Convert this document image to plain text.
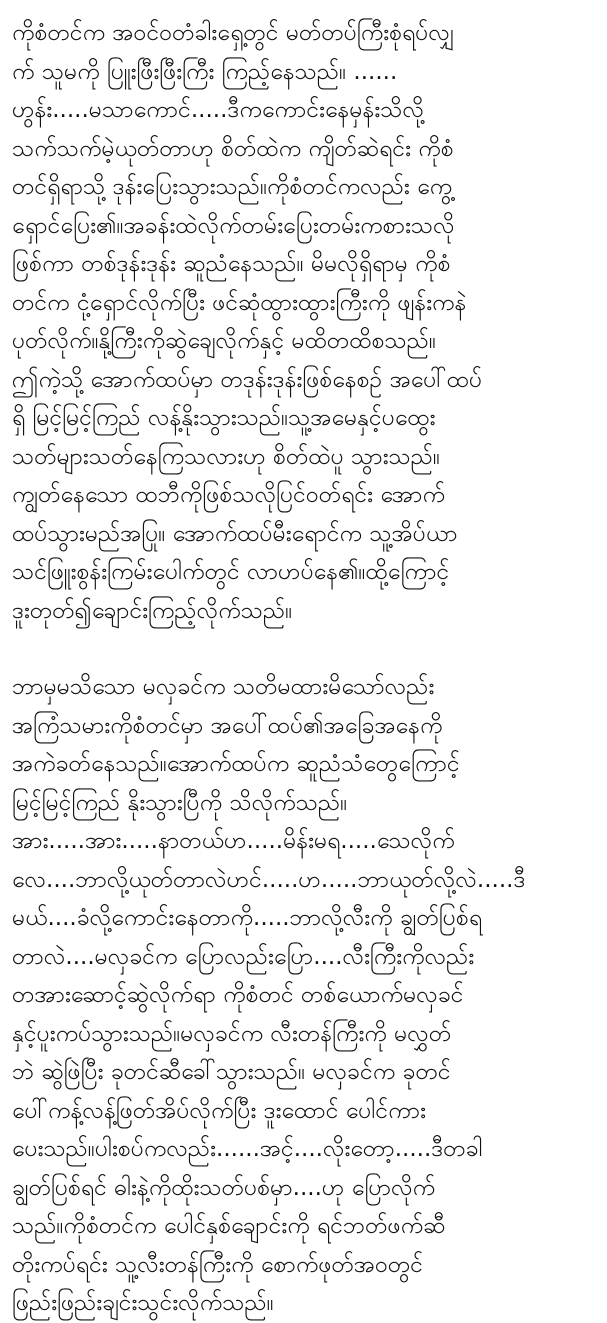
ကိုစံတင်က အဝင်ဝတံခါးရှေ့တွင် မတ်တပ်ကြီးစုံရပ်လျှ
က် သူမကို ပြူးဖြီးဖြီးကြီး ကြည့်နေသည်။ ......
ဟွန်း.....မသာကောင်.....ဒီကကောင်းနေမှန်းသိလို့
သက်သက်မဲ့ယုတ်တာဟု စိတ်ထဲက ကျိတ်ဆဲရင်း ကိုစံ
တင်ရှိရာသို့ ဒုန်းပြေးသွားသည်။ကိုစံတင်ကလည်း ကွေ့
ရှောင်ပြေး၏။အခန်းထဲလိုက်တမ်းပြေးတမ်းကစားသလို
ဖြစ်ကာ တစ်ဒုန်းဒုန်း ဆူညံနေသည်။ မိမလိုရှိရာမှ ကိုစံ
တင်က ငုံ့ရှောင်လိုက်ပြီး ဖင်ဆုံထွားထွားကြီးကို ဖျန်းကနဲ
ပုတ်လိုက်။နို့ကြီးကိုဆွဲချေလိုက်နှင့် မထိတထိစသည်။
ဤကဲ့သို့ အောက်ထပ်မှာ တဒုန်းဒုန်းဖြစ်နေစဉ် အပေါ်ထပ်
ရှိ မြင့်မြင့်ကြည် လန့်နိုးသွားသည်။သူ့အမေနှင့်ပထွေး
သတ်များသတ်နေကြသလားဟု စိတ်ထဲပူ သွားသည်။
ကျွတ်နေသော ထဘီကိုဖြစ်သလိုပြင်ဝတ်ရင်း အောက်
ထပ်သွားမည်အပြု။ အောက်ထပ်မီးရောင်က သူ့အိပ်ယာ
သင်ဖြူးစွန်းကြမ်းပေါက်တွင် လာဟပ်နေ၏။ထို့ကြောင့်
ဒူးတုတ်၍ချောင်းကြည့်လိုက်သည်။
ဘာမှမသိသော မလှခင်က သတိမထားမိသော်လည်း
အကြံသမားကိုစံတင်မှာ အပေါ်ထပ်၏အခြေအနေကို
အကဲခတ်နေသည်။အောက်ထပ်က ဆူညံသံတွေကြောင့်
မြင့်မြင့်ကြည် နိုးသွားပြီကို သိလိုက်သည်။
အား.....အား.....နာတယ်ဟ.....မိန်းမရ.....သေလိုက်
လေ....ဘာလို့ယုတ်တာလဲဟင်.....ဟ.....ဘာယုတ်လို့လဲ.....ဒီ
မယ်....ခံလို့ကောင်းနေတာကို.....ဘာလို့လီးကို ချွတ်ပြစ်ရ
တာလဲ....မလှခင်က ပြောလည်းပြော....လီးကြီးကိုလည်း
တအားဆောင့်ဆွဲလိုက်ရာ ကိုစံတင် တစ်ယောက်မလှခင်
နှင့်ပူးကပ်သွားသည်။မလှခင်က လီးတန်ကြီးကို မလွှတ်
ဘဲ ဆွဲဖြဲပြီး ခုတင်ဆီခေါ်သွားသည်။ မလှခင်က ခုတင်
ပေါ်ကန့်လန့်ဖြတ်အိပ်လိုက်ပြီး ဒူးထောင် ပေါင်ကား
ပေးသည်။ပါးစပ်ကလည်း......အင့်....လိုးတော့.....ဒီတခါ
ချွတ်ပြစ်ရင် ဓါးနဲ့ကိုထိုးသတ်ပစ်မှာ....ဟု ပြောလိုက်
သည်။ကိုစံတင်က ပေါင်နှစ်ချောင်းကို ရင်ဘတ်ဖက်ဆီ
တိုးကပ်ရင်း သူ့လီးတန်ကြီးကို စောက်ဖုတ်အဝတွင်
ဖြည်းဖြည်းချင်းသွင်းလိုက်သည်။
